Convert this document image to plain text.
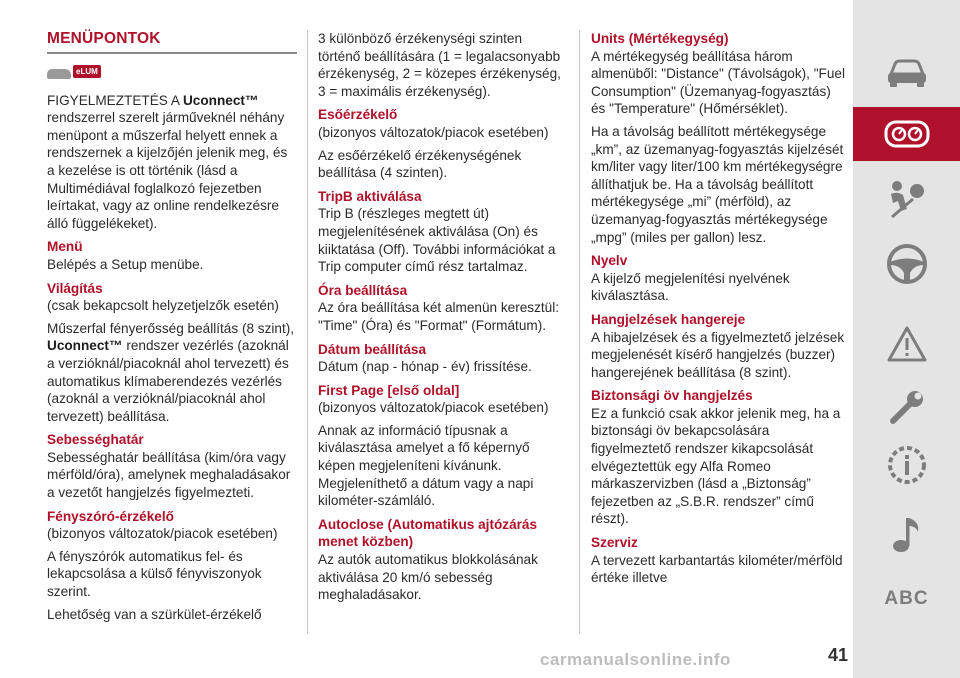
MENÜPONTOK
eLUM

FIGYELMEZTETÉS A Uconnect™ rendszerrel szerelt járműveknél néhány menüpont a műszerfal helyett ennek a rendszernek a kijelzőjén jelenik meg, és a kezelése is ott történik (lásd a Multimédiával foglalkozó fejezetben leírtakat, vagy az online rendelkezésre álló függelékeket).

Menü

Belépés a Setup menübe.

Világítás

(csak bekapcsolt helyzetjelzők esetén)

Műszerfal fényerősség beállítás (8 szint), Uconnect™ rendszer vezérlés (azoknál a verzióknál/piacoknál ahol tervezett) és automatikus klímaberendezés vezérlés (azoknál a verzióknál/piacoknál ahol tervezett) beállítása.

Sebességhatár

Sebességhatár beállítása (kim/óra vagy mérföld/óra), amelynek meghaladásakor a vezetőt hangjelzés figyelmezteti.

Fényszóró-érzékelő

(bizonyos változatok/piacok esetében)

A fényszórók automatikus fel- és lekapcsolása a külső fényviszonyok szerint.

Lehetőség van a szürkület-érzékelő

3 különböző érzékenységi szinten történő beállítására (1 = legalacsonyabb érzékenység, 2 = közepes érzékenység, 3 = maximális érzékenység).

Esőérzékelő

(bizonyos változatok/piacok esetében)

Az esőérzékelő érzékenységének beállítása (4 szinten).

TripB aktiválása

Trip B (részleges megtett út) megjelenítésének aktiválása (On) és kiiktatása (Off). További információkat a Trip computer című rész tartalmaz.

Óra beállítása

Az óra beállítása két almenün keresztül: "Time" (Óra) és "Format" (Formátum).

Dátum beállítása

Dátum (nap - hónap - év) frissítése.

First Page [első oldal]

(bizonyos változatok/piacok esetében)

Annak az információ típusnak a kiválasztása amelyet a fő képernyő képen megjeleníteni kívánunk. Megjeleníthető a dátum vagy a napi kilométer-számláló.

Autoclose (Automatikus ajtózárás menet közben)

Az autók automatikus blokkolásának aktiválása 20 km/ó sebesség meghaladásakor.

Units (Mértékegység)

A mértékegység beállítása három almenüből: "Distance" (Távolságok), "Fuel Consumption" (Üzemanyag-fogyasztás) és "Temperature" (Hőmérséklet).

Ha a távolság beállított mértékegysége „km”, az üzemanyag-fogyasztás kijelzését km/liter vagy liter/100 km mértékegységre állíthatjuk be. Ha a távolság beállított mértékegysége „mi” (mérföld), az üzemanyag-fogyasztás mértékegysége „mpg” (miles per gallon) lesz.

Nyelv

A kijelző megjelenítési nyelvének kiválasztása.

Hangjelzések hangereje

A hibajelzések és a figyelmeztető jelzések megjelenését kísérő hangjelzés (buzzer) hangerejének beállítása (8 szint).

Biztonsági öv hangjelzés

Ez a funkció csak akkor jelenik meg, ha a biztonsági öv bekapcsolására figyelmeztető rendszer kikapcsolását elvégeztettük egy Alfa Romeo márkaszervizben (lásd a „Biztonság” fejezetben az „S.B.R. rendszer” című részt).

Szerviz

A tervezett karbantartás kilométer/mérföld értéke illetve

ABC
carmanualsonline.info	41
